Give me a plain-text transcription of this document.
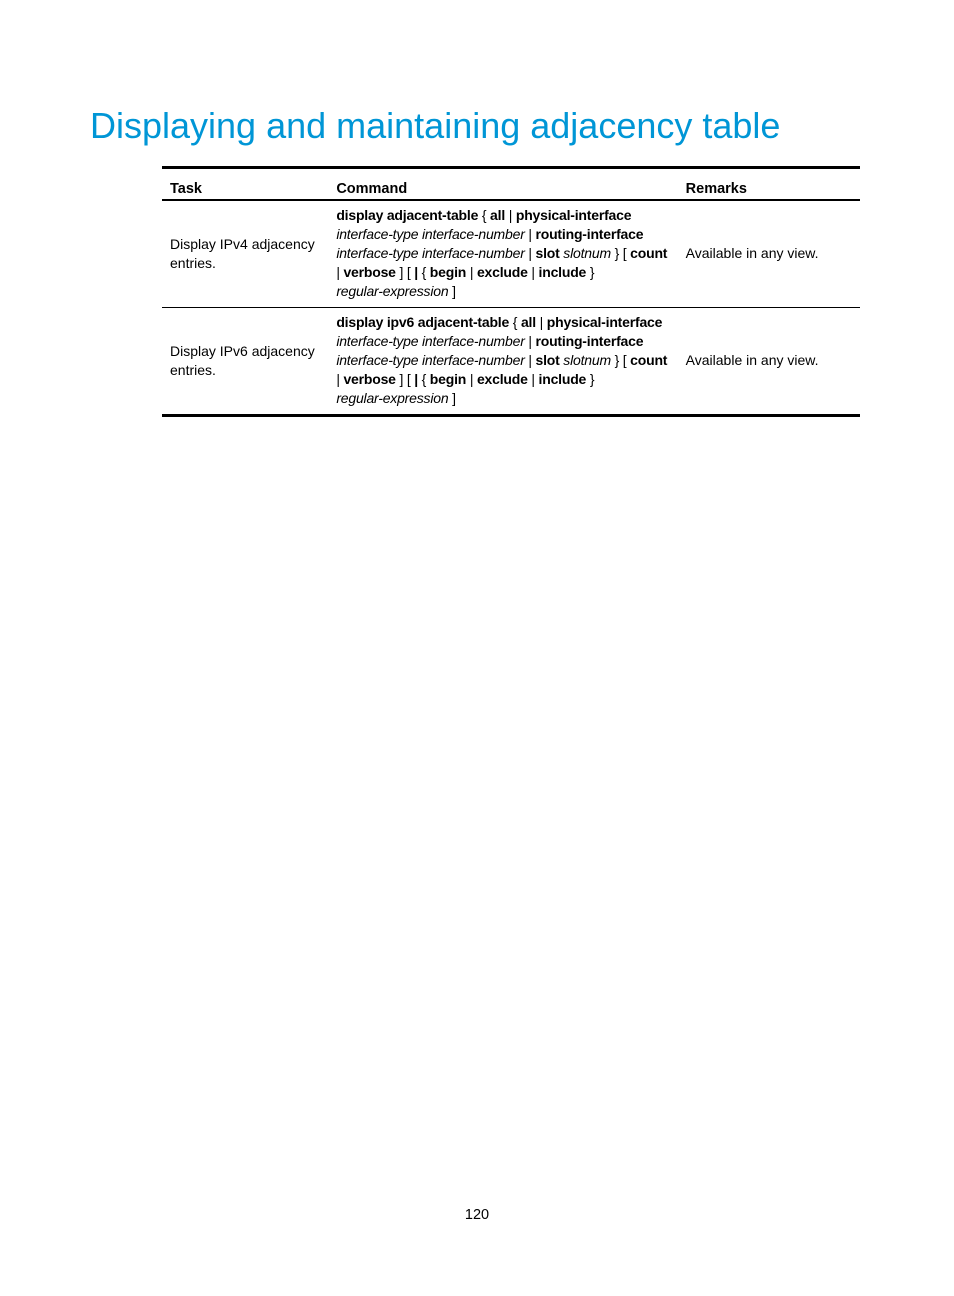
Displaying and maintaining adjacency table
Task	Command	Remarks
Display IPv4 adjacency entries.	display adjacent-table { all | physical-interface
interface-type interface-number | routing-interface
interface-type interface-number | slot slotnum } [ count
| verbose ] [ | { begin | exclude | include }
regular-expression ]	Available in any view.
Display IPv6 adjacency entries.	display ipv6 adjacent-table { all | physical-interface
interface-type interface-number | routing-interface
interface-type interface-number | slot slotnum } [ count
| verbose ] [ | { begin | exclude | include }
regular-expression ]	Available in any view.
120
